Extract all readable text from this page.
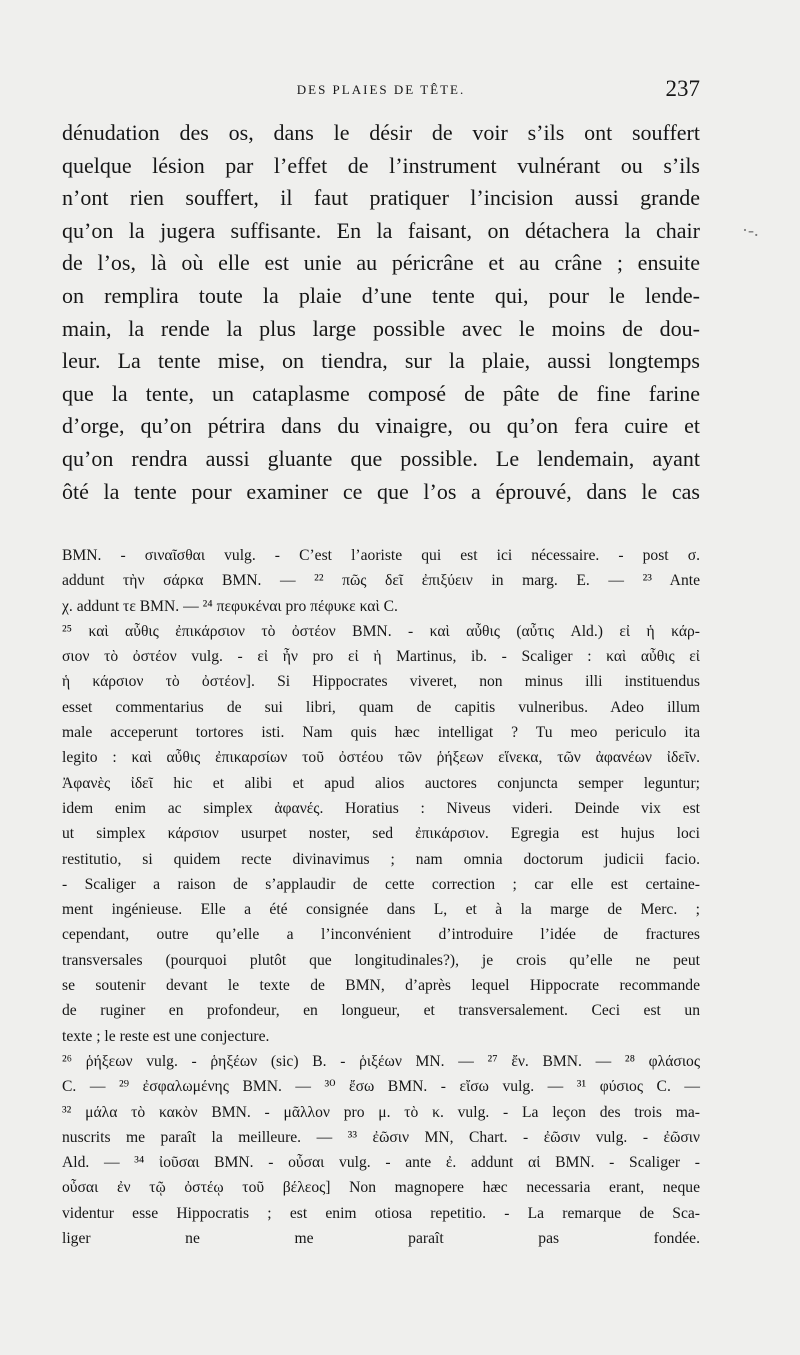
DES PLAIES DE TÊTE.	237
·-.
dénudation des os, dans le désir de voir s’ils ont souffert
quelque lésion par l’effet de l’instrument vulnérant ou s’ils
n’ont rien souffert, il faut pratiquer l’incision aussi grande
qu’on la jugera suffisante. En la faisant, on détachera la chair
de l’os, là où elle est unie au péricrâne et au crâne ; ensuite
on remplira toute la plaie d’une tente qui, pour le lende-
main, la rende la plus large possible avec le moins de dou-
leur. La tente mise, on tiendra, sur la plaie, aussi longtemps
que la tente, un cataplasme composé de pâte de fine farine
d’orge, qu’on pétrira dans du vinaigre, ou qu’on fera cuire et
qu’on rendra aussi gluante que possible. Le lendemain, ayant
ôté la tente pour examiner ce que l’os a éprouvé, dans le cas
BMN. - σιναῖσθαι vulg. - C’est l’aoriste qui est ici nécessaire. - post σ.
addunt τὴν σάρκα BMN. — ²² πῶς δεῖ ἐπιξύειν in marg. E. — ²³ Ante
χ. addunt τε BMN. — ²⁴ πεφυκέναι pro πέφυκε καὶ C.
²⁵ καὶ αὖθις ἐπικάρσιον τὸ ὀστέον BMN. - καὶ αὖθις (αὖτις Ald.) εἰ ἡ κάρ-
σιον τὸ ὀστέον vulg. - εἰ ἦν pro εἰ ἡ Martinus, ib. - Scaliger : καὶ αὖθις εἰ
ἡ κάρσιον τὸ ὀστέον]. Si Hippocrates viveret, non minus illi instituendus
esset commentarius de sui libri, quam de capitis vulneribus. Adeo illum
male acceperunt tortores isti. Nam quis hæc intelligat ? Tu meo periculo ita
legito : καὶ αὖθις ἐπικαρσίων τοῦ ὀστέου τῶν ῥήξεων εἵνεκα, τῶν ἀφανέων ἰδεῖν.
Ἀφανὲς ἰδεῖ hic et alibi et apud alios auctores conjuncta semper leguntur;
idem enim ac simplex ἀφανές. Horatius : Niveus videri. Deinde vix est
ut simplex κάρσιον usurpet noster, sed ἐπικάρσιον. Egregia est hujus loci
restitutio, si quidem recte divinavimus ; nam omnia doctorum judicii facio.
- Scaliger a raison de s’applaudir de cette correction ; car elle est certaine-
ment ingénieuse. Elle a été consignée dans L, et à la marge de Merc. ;
cependant, outre qu’elle a l’inconvénient d’introduire l’idée de fractures
transversales (pourquoi plutôt que longitudinales?), je crois qu’elle ne peut
se soutenir devant le texte de BMN, d’après lequel Hippocrate recommande
de ruginer en profondeur, en longueur, et transversalement. Ceci est un
texte ; le reste est une conjecture.
²⁶ ῥήξεων vulg. - ῥηξέων (sic) B. - ῥιξέων MN. — ²⁷ ἔν. BMN. — ²⁸ φλάσιος
C. — ²⁹ ἐσφαλωμένης BMN. — ³⁰ ἔσω BMN. - εἴσω vulg. — ³¹ φύσιος C. —
³² μάλα τὸ κακὸν BMN. - μᾶλλον pro μ. τὸ κ. vulg. - La leçon des trois ma-
nuscrits me paraît la meilleure. — ³³ ἐῶσιν MN, Chart. - ἐῶσιν vulg. - ἐῶσιν
Ald. — ³⁴ ἰοῦσαι BMN. - οὖσαι vulg. - ante ἐ. addunt αἱ BMN. - Scaliger -
οὖσαι ἐν τῷ ὀστέῳ τοῦ βέλεος] Non magnopere hæc necessaria erant, neque
videntur esse Hippocratis ; est enim otiosa repetitio. - La remarque de Sca-
liger ne me paraît pas fondée.
